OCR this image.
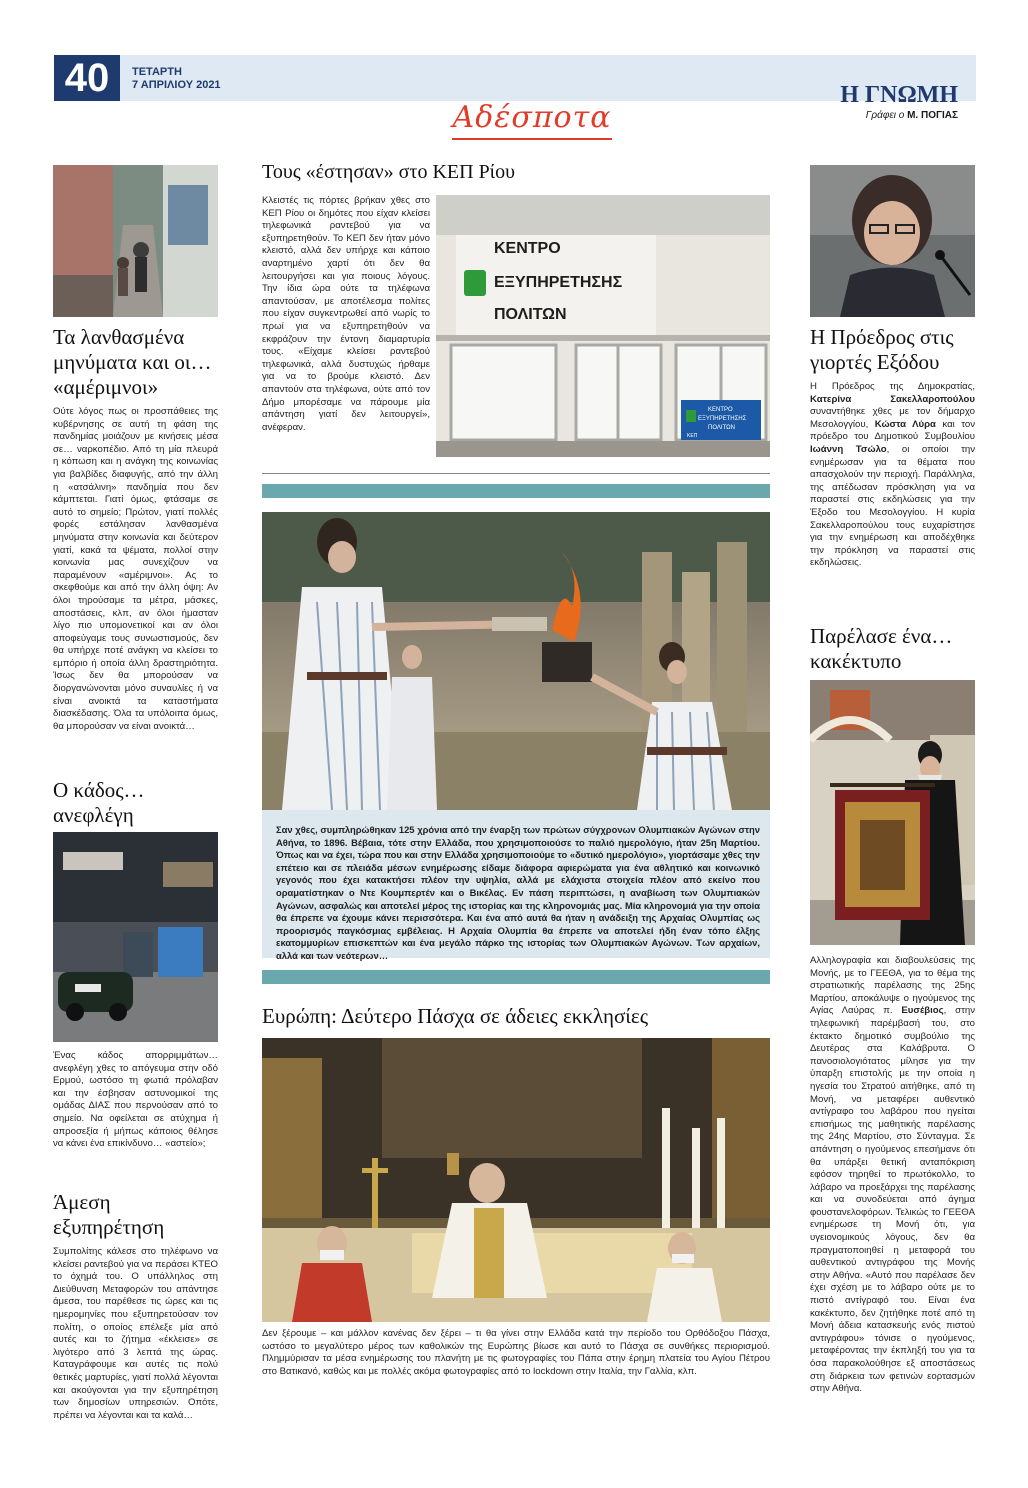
40	ΤΕΤΑΡΤΗ
7 ΑΠΡΙΛΙΟΥ 2021
Αδέσποτα
Η ΓΝΩΜΗ
Γράφει ο Μ. ΠΟΓΙΑΣ
Τα λανθασμένα μηνύματα και οι… «αμέριμνοι»
Ούτε λόγος πως οι προσπάθειες της κυβέρνησης σε αυτή τη φάση της πανδημίας μοιάζουν με κινήσεις μέσα σε… ναρκοπέδιο. Από τη μία πλευρά η κόπωση και η ανάγκη της κοινωνίας για βαλβίδες διαφυγής, από την άλλη η «ατσάλινη» πανδημία που δεν κάμπτεται. Γιατί όμως, φτάσαμε σε αυτό το σημείο; Πρώτον, γιατί πολλές φορές εστάλησαν λανθασμένα μηνύματα στην κοινωνία και δεύτερον γιατί, κακά τα ψέματα, πολλοί στην κοινωνία μας συνεχίζουν να παραμένουν «αμέριμνοι». Ας το σκεφθούμε και από την άλλη όψη: Αν όλοι τηρούσαμε τα μέτρα, μάσκες, αποστάσεις, κλπ, αν όλοι ήμασταν λίγο πιο υπομονετικοί και αν όλοι αποφεύγαμε τους συνωστισμούς, δεν θα υπήρχε ποτέ ανάγκη να κλείσει το εμπόριο ή οποία άλλη δραστηριότητα. Ίσως δεν θα μπορούσαν να διοργανώνονται μόνο συναυλίες ή να είναι ανοικτά τα καταστήματα διασκέδασης. Όλα τα υπόλοιπα όμως, θα μπορούσαν να είναι ανοικτά…
Ο κάδος… ανεφλέγη
Ένας κάδος απορριμμάτων… ανεφλέγη χθες το απόγευμα στην οδό Ερμού, ωστόσο τη φωτιά πρόλαβαν και την έσβησαν αστυνομικοί της ομάδας ΔΙΑΣ που περνούσαν από το σημείο. Να οφείλεται σε ατύχημα ή απροσεξία ή μήπως κάποιος θέλησε να κάνει ένα επικίνδυνο… «αστείο»;
Άμεση εξυπηρέτηση
Συμπολίτης κάλεσε στο τηλέφωνο να κλείσει ραντεβού για να περάσει ΚΤΕΟ το όχημά του. Ο υπάλληλος στη Διεύθυνση Μεταφορών του απάντησε άμεσα, του παρέθεσε τις ώρες και τις ημερομηνίες που εξυπηρετούσαν τον πολίτη, ο οποίος επέλεξε μία από αυτές και το ζήτημα «έκλεισε» σε λιγότερο από 3 λεπτά της ώρας. Καταγράφουμε και αυτές τις πολύ θετικές μαρτυρίες, γιατί πολλά λέγονται και ακούγονται για την εξυπηρέτηση των δημοσίων υπηρεσιών. Οπότε, πρέπει να λέγονται και τα καλά…
Τους «έστησαν» στο ΚΕΠ Ρίου
Κλειστές τις πόρτες βρήκαν χθες στο ΚΕΠ Ρίου οι δημότες που είχαν κλείσει τηλεφωνικά ραντεβού για να εξυπηρετηθούν. Το ΚΕΠ δεν ήταν μόνο κλειστό, αλλά δεν υπήρχε και κάποιο αναρτημένο χαρτί ότι δεν θα λειτουργήσει και για ποιους λόγους. Την ίδια ώρα ούτε τα τηλέφωνα απαντούσαν, με αποτέλεσμα πολίτες που είχαν συγκεντρωθεί από νωρίς το πρωί για να εξυπηρετηθούν να εκφράζουν την έντονη διαμαρτυρία τους. «Είχαμε κλείσει ραντεβού τηλεφωνικά, αλλά δυστυχώς ήρθαμε για να το βρούμε κλειστό. Δεν απαντούν στα τηλέφωνα, ούτε από τον Δήμο μπορέσαμε να πάρουμε μία απάντηση γιατί δεν λειτουργεί», ανέφεραν.
ΚΕΝΤΡΟ
ΕΞΥΠΗΡΕΤΗΣΗΣ
ΠΟΛΙΤΩΝ
ΚΕΝΤΡΟ
ΕΞΥΠΗΡΕΤΗΣΗΣ
ΠΟΛΙΤΩΝ
ΚΕΠ
Σαν χθες, συμπληρώθηκαν 125 χρόνια από την έναρξη των πρώτων σύγχρονων Ολυμπιακών Αγώνων στην Αθήνα, το 1896. Βέβαια, τότε στην Ελλάδα, που χρησιμοποιούσε το παλιό ημερολόγιο, ήταν 25η Μαρτίου. Όπως και να έχει, τώρα που και στην Ελλάδα χρησιμοποιούμε το «δυτικό ημερολόγιο», γιορτάσαμε χθες την επέτειο και σε πλειάδα μέσων ενημέρωσης είδαμε διάφορα αφιερώματα για ένα αθλητικό και κοινωνικό γεγονός που έχει κατακτήσει πλέον την υψηλία, αλλά με ελάχιστα στοιχεία πλέον από εκείνο που οραματίστηκαν ο Ντε Κουμπερτέν και ο Βικέλας. Εν πάση περιπτώσει, η αναβίωση των Ολυμπιακών Αγώνων, ασφαλώς και αποτελεί μέρος της ιστορίας και της κληρονομιάς μας. Μία κληρονομιά για την οποία θα έπρεπε να έχουμε κάνει περισσότερα. Και ένα από αυτά θα ήταν η ανάδειξη της Αρχαίας Ολυμπίας ως προορισμός παγκόσμιας εμβέλειας. Η Αρχαία Ολυμπία θα έπρεπε να αποτελεί ήδη έναν τόπο έλξης εκατομμυρίων επισκεπτών και ένα μεγάλο πάρκο της ιστορίας των Ολυμπιακών Αγώνων. Των αρχαίων, αλλά και των νεότερων…
Ευρώπη: Δεύτερο Πάσχα σε άδειες εκκλησίες
Δεν ξέρουμε – και μάλλον κανένας δεν ξέρει – τι θα γίνει στην Ελλάδα κατά την περίοδο του Ορθόδοξου Πάσχα, ωστόσο το μεγαλύτερο μέρος των καθολικών της Ευρώπης βίωσε και αυτό το Πάσχα σε συνθήκες περιορισμού. Πλημμύρισαν τα μέσα ενημέρωσης του πλανήτη με τις φωτογραφίες του Πάπα στην έρημη πλατεία του Αγίου Πέτρου στο Βατικανό, καθώς και με πολλές ακόμα φωτογραφίες από το lockdown στην Ιταλία, την Γαλλία, κλπ.
Η Πρόεδρος στις γιορτές Εξόδου
Η Πρόεδρος της Δημοκρατίας, Κατερίνα Σακελλαροπούλου συναντήθηκε χθες με τον δήμαρχο Μεσολογγίου, Κώστα Λύρα και τον πρόεδρο του Δημοτικού Συμβουλίου Ιωάννη Τσώλο, οι οποίοι την ενημέρωσαν για τα θέματα που απασχολούν την περιοχή. Παράλληλα, της απέδωσαν πρόσκληση για να παραστεί στις εκδηλώσεις για την Έξοδο του Μεσολογγίου. Η κυρία Σακελλαροπούλου τους ευχαρίστησε για την ενημέρωση και αποδέχθηκε την πρόκληση να παραστεί στις εκδηλώσεις.
Παρέλασε ένα… κακέκτυπο
Αλληλογραφία και διαβουλεύσεις της Μονής, με το ΓΕΕΘΑ, για το θέμα της στρατιωτικής παρέλασης της 25ης Μαρτίου, αποκάλυψε ο ηγούμενος της Αγίας Λαύρας π. Ευσέβιος, στην τηλεφωνική παρέμβασή του, στο έκτακτο δημοτικό συμβούλιο της Δευτέρας στα Καλάβρυτα. Ο πανοσιολογιότατος μίλησε για την ύπαρξη επιστολής με την οποία η ηγεσία του Στρατού αιτήθηκε, από τη Μονή, να μεταφέρει αυθεντικό αντίγραφο του λαβάρου που ηγείται επισήμως της μαθητικής παρέλασης της 24ης Μαρτίου, στο Σύνταγμα. Σε απάντηση ο ηγούμενος επεσήμανε ότι θα υπάρξει θετική ανταπόκριση εφόσον τηρηθεί το πρωτόκολλο, το λάβαρο να προεξάρχει της παρέλασης και να συνοδεύεται από άγημα φουστανελοφόρων. Τελικώς το ΓΕΕΘΑ ενημέρωσε τη Μονή ότι, για υγειονομικούς λόγους, δεν θα πραγματοποιηθεί η μεταφορά του αυθεντικού αντιγράφου της Μονής στην Αθήνα. «Αυτό που παρέλασε δεν έχει σχέση με το λάβαρο ούτε με το πιστό αντίγραφό του. Είναι ένα κακέκτυπο, δεν ζητήθηκε ποτέ από τη Μονή άδεια κατασκευής ενός πιστού αντιγράφου» τόνισε ο ηγούμενος, μεταφέροντας την έκπληξή του για τα όσα παρακολούθησε εξ αποστάσεως στη διάρκεια των φετινών εορτασμών στην Αθήνα.
